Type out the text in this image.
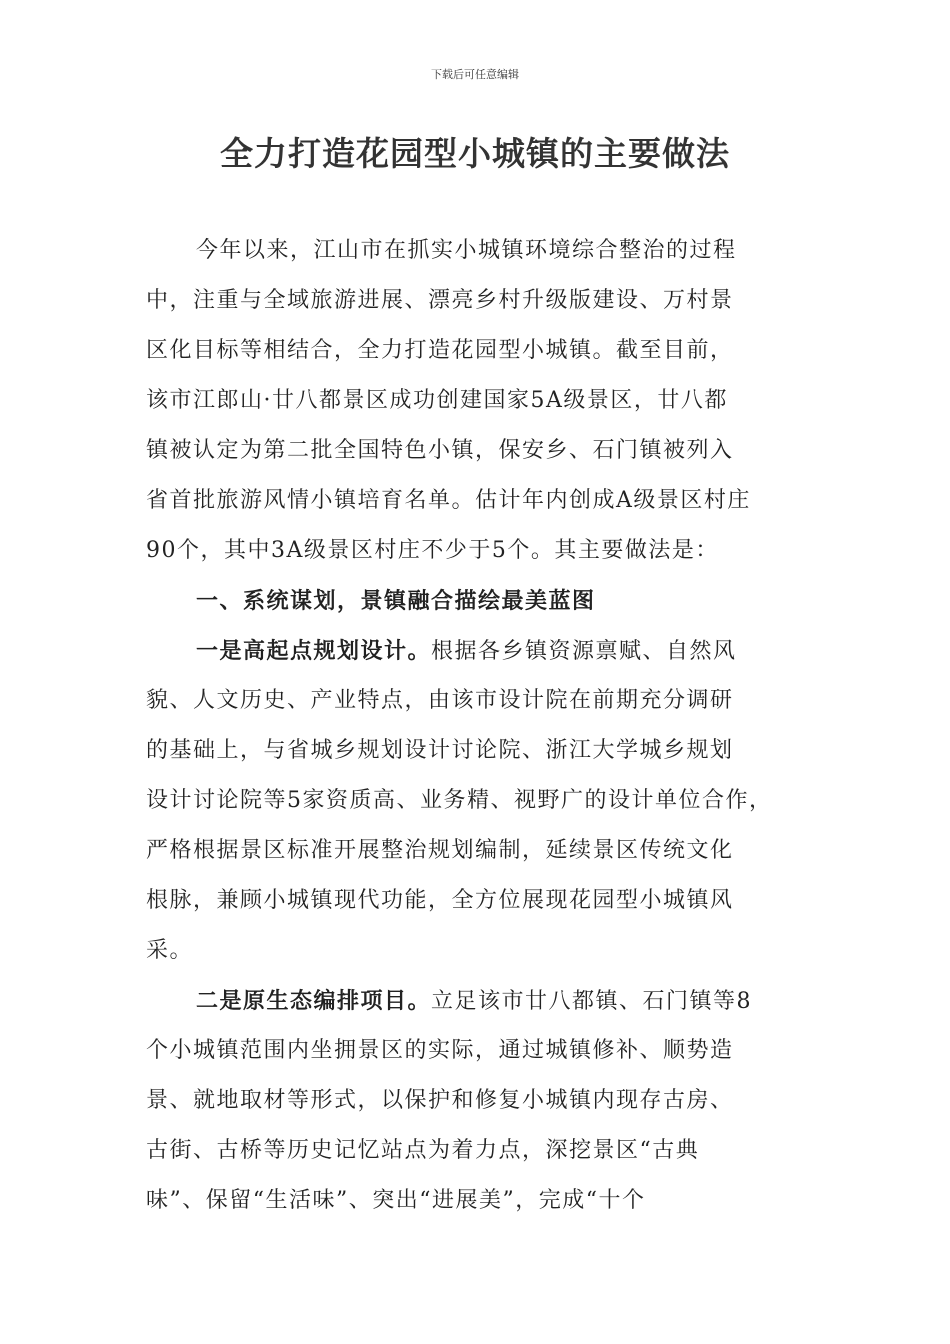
下载后可任意编辑
全力打造花园型小城镇的主要做法
今年以来，江山市在抓实小城镇环境综合整治的过程
中，注重与全域旅游进展、漂亮乡村升级版建设、万村景
区化目标等相结合，全力打造花园型小城镇。截至目前，
该市江郎山·廿八都景区成功创建国家5A级景区，廿八都
镇被认定为第二批全国特色小镇，保安乡、石门镇被列入
省首批旅游风情小镇培育名单。估计年内创成A级景区村庄
90个，其中3A级景区村庄不少于5个。其主要做法是：
一、系统谋划，景镇融合描绘最美蓝图
一是高起点规划设计。根据各乡镇资源禀赋、自然风
貌、人文历史、产业特点，由该市设计院在前期充分调研
的基础上，与省城乡规划设计讨论院、浙江大学城乡规划
设计讨论院等5家资质高、业务精、视野广的设计单位合作，
严格根据景区标准开展整治规划编制，延续景区传统文化
根脉，兼顾小城镇现代功能，全方位展现花园型小城镇风
采。
二是原生态编排项目。立足该市廿八都镇、石门镇等8
个小城镇范围内坐拥景区的实际，通过城镇修补、顺势造
景、就地取材等形式，以保护和修复小城镇内现存古房、
古街、古桥等历史记忆站点为着力点，深挖景区“古典
味”、保留“生活味”、突出“进展美”，完成“十个
